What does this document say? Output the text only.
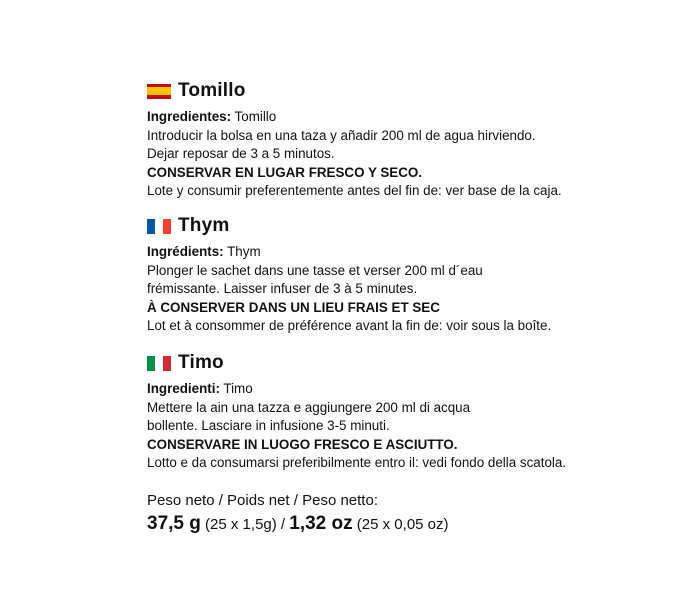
Tomillo
Ingredientes: Tomillo
Introducir la bolsa en una taza y añadir 200 ml de agua hirviendo.
Dejar reposar de 3 a 5 minutos.
CONSERVAR EN LUGAR FRESCO Y SECO.
Lote y consumir preferentemente antes del fin de: ver base de la caja.
Thym
Ingrédients: Thym
Plonger le sachet dans une tasse et verser 200 ml d´eau
frémissante. Laisser infuser de 3 à 5 minutes.
À CONSERVER DANS UN LIEU FRAIS ET SEC
Lot et à consommer de préférence avant la fin de: voir sous la boîte.
Timo
Ingredienti: Timo
Mettere la ain una tazza e aggiungere 200 ml di acqua
bollente. Lasciare in infusione 3-5 minuti.
CONSERVARE IN LUOGO FRESCO E ASCIUTTO.
Lotto e da consumarsi preferibilmente entro il: vedi fondo della scatola.
Peso neto / Poids net / Peso netto:
37,5 g (25 x 1,5g) / 1,32 oz (25 x 0,05 oz)
